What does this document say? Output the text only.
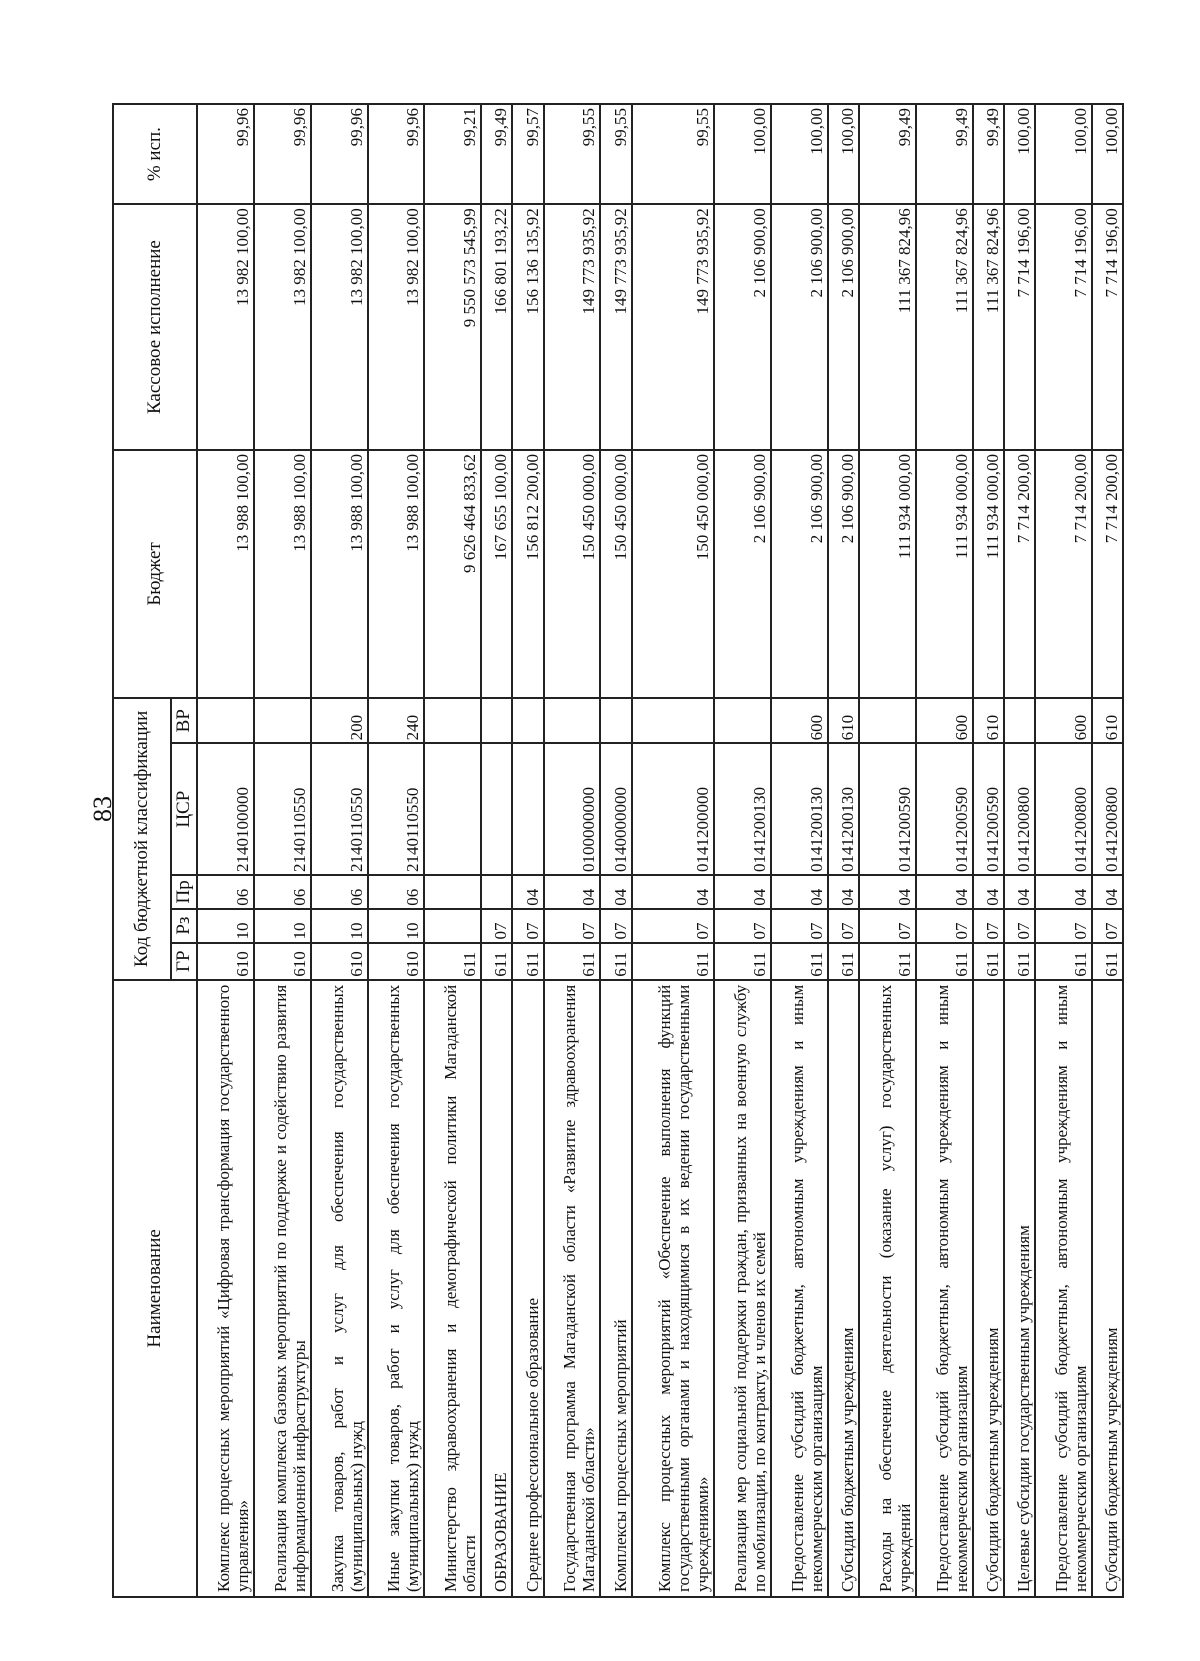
83
Наименование	Код бюджетной классификации					Бюджет	Кассовое исполнение	% исп.
	ГР	Рз	Пр	ЦСР	ВР			
Комплекс процессных мероприятий «Цифровая трансформация государственного управления»	610	10	06	2140100000		13 988 100,00	13 982 100,00	99,96
Реализация комплекса базовых мероприятий по поддержке и содействию развития информационной инфраструктуры	610	10	06	2140110550		13 988 100,00	13 982 100,00	99,96
Закупка товаров, работ и услуг для обеспечения государственных (муниципальных) нужд	610	10	06	2140110550	200	13 988 100,00	13 982 100,00	99,96
Иные закупки товаров, работ и услуг для обеспечения государственных (муниципальных) нужд	610	10	06	2140110550	240	13 988 100,00	13 982 100,00	99,96
Министерство здравоохранения и демографической политики Магаданской области	611					9 626 464 833,62	9 550 573 545,99	99,21
ОБРАЗОВАНИЕ	611	07				167 655 100,00	166 801 193,22	99,49
Среднее профессиональное образование	611	07	04			156 812 200,00	156 136 135,92	99,57
Государственная программа Магаданской области «Развитие здравоохранения Магаданской области»	611	07	04	0100000000		150 450 000,00	149 773 935,92	99,55
Комплексы процессных мероприятий	611	07	04	0140000000		150 450 000,00	149 773 935,92	99,55
Комплекс процессных мероприятий «Обеспечение выполнения функций государственными органами и находящимися в их ведении государственными учреждениями»	611	07	04	0141200000		150 450 000,00	149 773 935,92	99,55
Реализация мер социальной поддержки граждан, призванных на военную службу по мобилизации, по контракту, и членов их семей	611	07	04	0141200130		2 106 900,00	2 106 900,00	100,00
Предоставление субсидий бюджетным, автономным учреждениям и иным некоммерческим организациям	611	07	04	0141200130	600	2 106 900,00	2 106 900,00	100,00
Субсидии бюджетным учреждениям	611	07	04	0141200130	610	2 106 900,00	2 106 900,00	100,00
Расходы на обеспечение деятельности (оказание услуг) государственных учреждений	611	07	04	0141200590		111 934 000,00	111 367 824,96	99,49
Предоставление субсидий бюджетным, автономным учреждениям и иным некоммерческим организациям	611	07	04	0141200590	600	111 934 000,00	111 367 824,96	99,49
Субсидии бюджетным учреждениям	611	07	04	0141200590	610	111 934 000,00	111 367 824,96	99,49
Целевые субсидии государственным учреждениям	611	07	04	0141200800		7 714 200,00	7 714 196,00	100,00
Предоставление субсидий бюджетным, автономным учреждениям и иным некоммерческим организациям	611	07	04	0141200800	600	7 714 200,00	7 714 196,00	100,00
Субсидии бюджетным учреждениям	611	07	04	0141200800	610	7 714 200,00	7 714 196,00	100,00
